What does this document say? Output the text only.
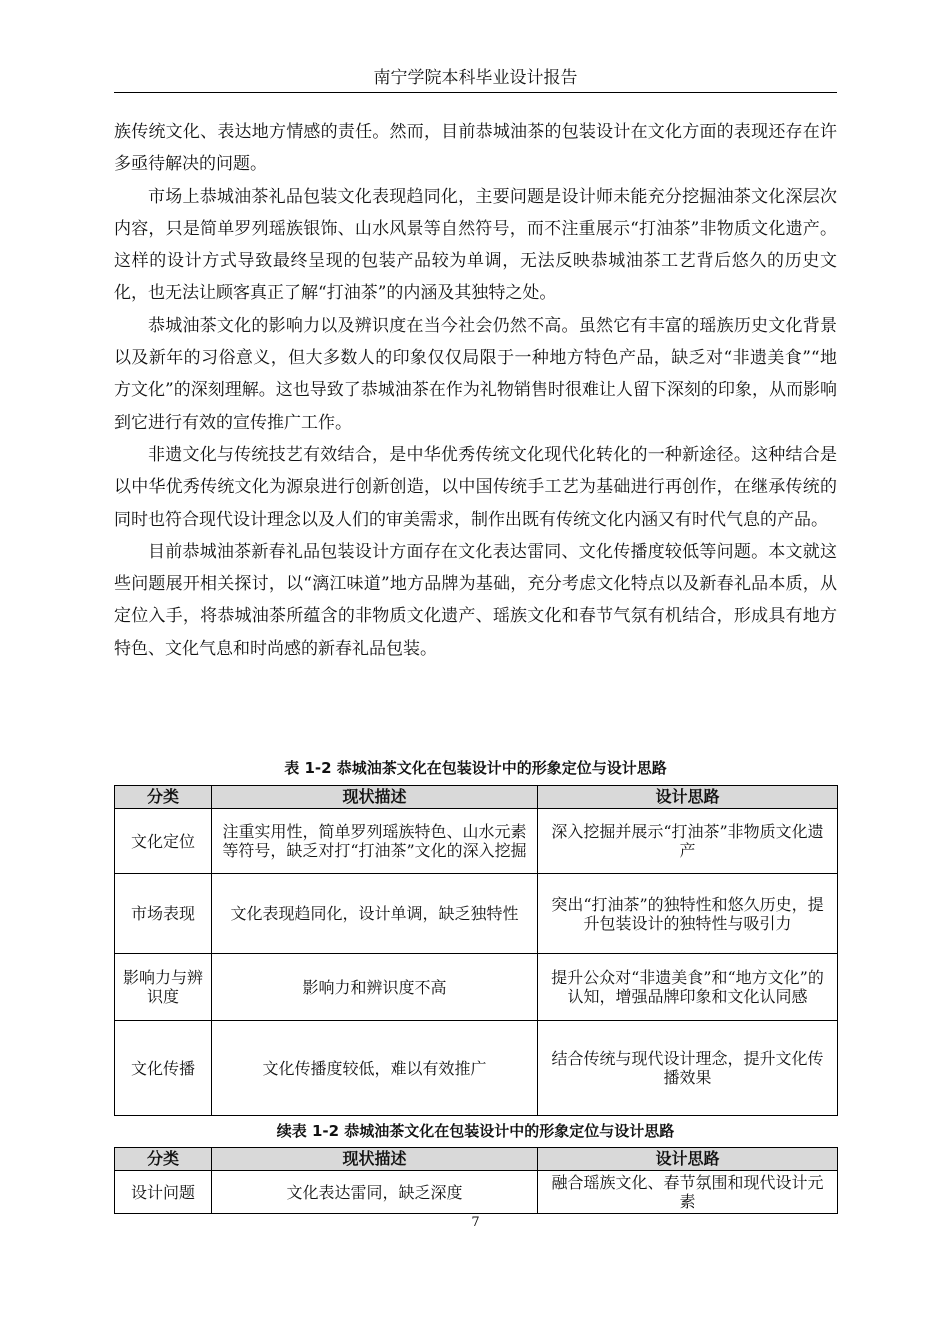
南宁学院本科毕业设计报告

族传统文化、表达地方情感的责任。然而，目前恭城油茶的包装设计在文化方面的表现还存在许多亟待解决的问题。

市场上恭城油茶礼品包装文化表现趋同化，主要问题是设计师未能充分挖掘油茶文化深层次内容，只是简单罗列瑶族银饰、山水风景等自然符号，而不注重展示“打油茶”非物质文化遗产。这样的设计方式导致最终呈现的包装产品较为单调，无法反映恭城油茶工艺背后悠久的历史文化，也无法让顾客真正了解“打油茶”的内涵及其独特之处。

恭城油茶文化的影响力以及辨识度在当今社会仍然不高。虽然它有丰富的瑶族历史文化背景以及新年的习俗意义，但大多数人的印象仅仅局限于一种地方特色产品，缺乏对“非遗美食”“地方文化”的深刻理解。这也导致了恭城油茶在作为礼物销售时很难让人留下深刻的印象，从而影响到它进行有效的宣传推广工作。

非遗文化与传统技艺有效结合，是中华优秀传统文化现代化转化的一种新途径。这种结合是以中华优秀传统文化为源泉进行创新创造，以中国传统手工艺为基础进行再创作，在继承传统的同时也符合现代设计理念以及人们的审美需求，制作出既有传统文化内涵又有时代气息的产品。

目前恭城油茶新春礼品包装设计方面存在文化表达雷同、文化传播度较低等问题。本文就这些问题展开相关探讨，以“漓江味道”地方品牌为基础，充分考虑文化特点以及新春礼品本质，从定位入手，将恭城油茶所蕴含的非物质文化遗产、瑶族文化和春节气氛有机结合，形成具有地方特色、文化气息和时尚感的新春礼品包装。

表 1-2 恭城油茶文化在包装设计中的形象定位与设计思路
分类	现状描述	设计思路
文化定位	注重实用性，简单罗列瑶族特色、山水元素等符号，缺乏对打“打油茶”文化的深入挖掘	深入挖掘并展示“打油茶”非物质文化遗产
市场表现	文化表现趋同化，设计单调，缺乏独特性	突出“打油茶”的独特性和悠久历史，提升包装设计的独特性与吸引力
影响力与辨识度	影响力和辨识度不高	提升公众对“非遗美食”和“地方文化”的认知，增强品牌印象和文化认同感
文化传播	文化传播度较低，难以有效推广	结合传统与现代设计理念，提升文化传播效果
续表 1-2 恭城油茶文化在包装设计中的形象定位与设计思路
分类	现状描述	设计思路
设计问题	文化表达雷同，缺乏深度	融合瑶族文化、春节氛围和现代设计元素
7
